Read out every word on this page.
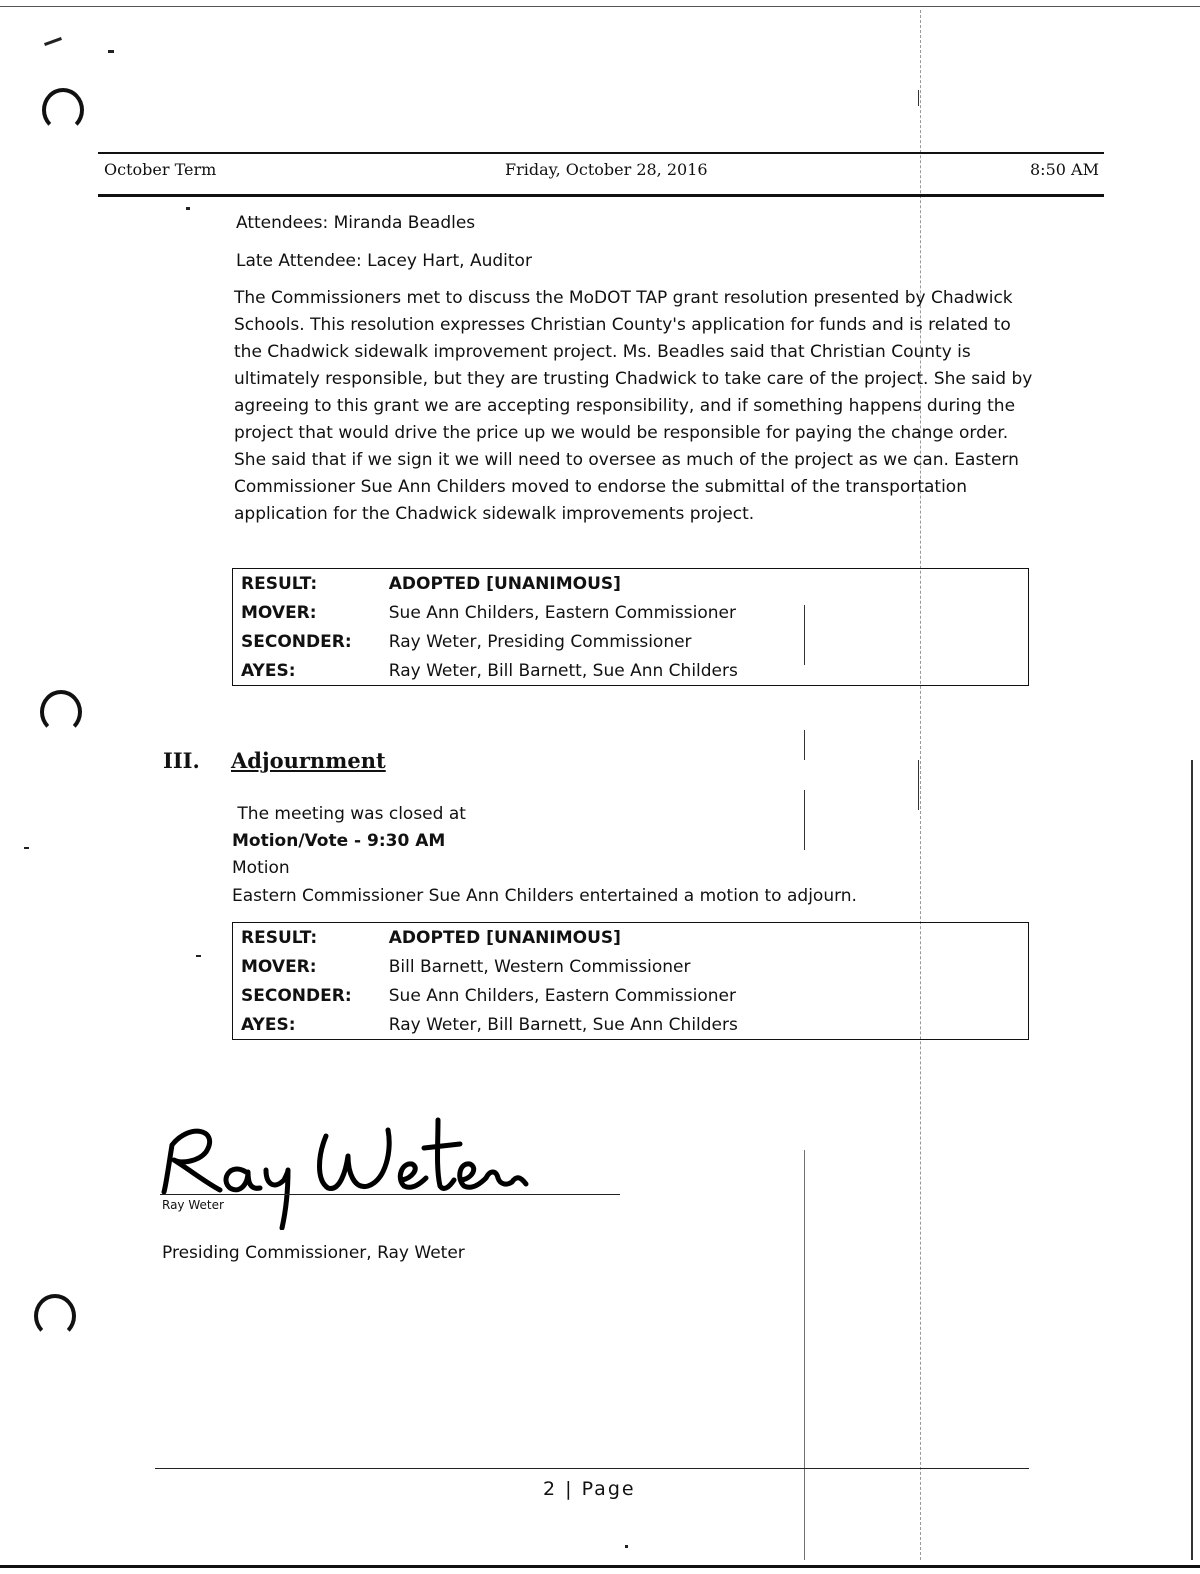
October Term	Friday, October 28, 2016	8:50 AM
Attendees: Miranda Beadles
Late Attendee: Lacey Hart, Auditor
The Commissioners met to discuss the MoDOT TAP grant resolution presented by Chadwick Schools. This resolution expresses Christian County's application for funds and is related to the Chadwick sidewalk improvement project. Ms. Beadles said that Christian County is ultimately responsible, but they are trusting Chadwick to take care of the project. She said by agreeing to this grant we are accepting responsibility, and if something happens during the project that would drive the price up we would be responsible for paying the change order. She said that if we sign it we will need to oversee as much of the project as we can. Eastern Commissioner Sue Ann Childers moved to endorse the submittal of the transportation application for the Chadwick sidewalk improvements project.
RESULT:	ADOPTED [UNANIMOUS]
MOVER:	Sue Ann Childers, Eastern Commissioner
SECONDER:	Ray Weter, Presiding Commissioner
AYES:	Ray Weter, Bill Barnett, Sue Ann Childers
III. Adjournment
The meeting was closed at
Motion/Vote - 9:30 AM
Motion
Eastern Commissioner Sue Ann Childers entertained a motion to adjourn.
RESULT:	ADOPTED [UNANIMOUS]
MOVER:	Bill Barnett, Western Commissioner
SECONDER:	Sue Ann Childers, Eastern Commissioner
AYES:	Ray Weter, Bill Barnett, Sue Ann Childers
Ray Weter
Presiding Commissioner, Ray Weter
2 | Page
